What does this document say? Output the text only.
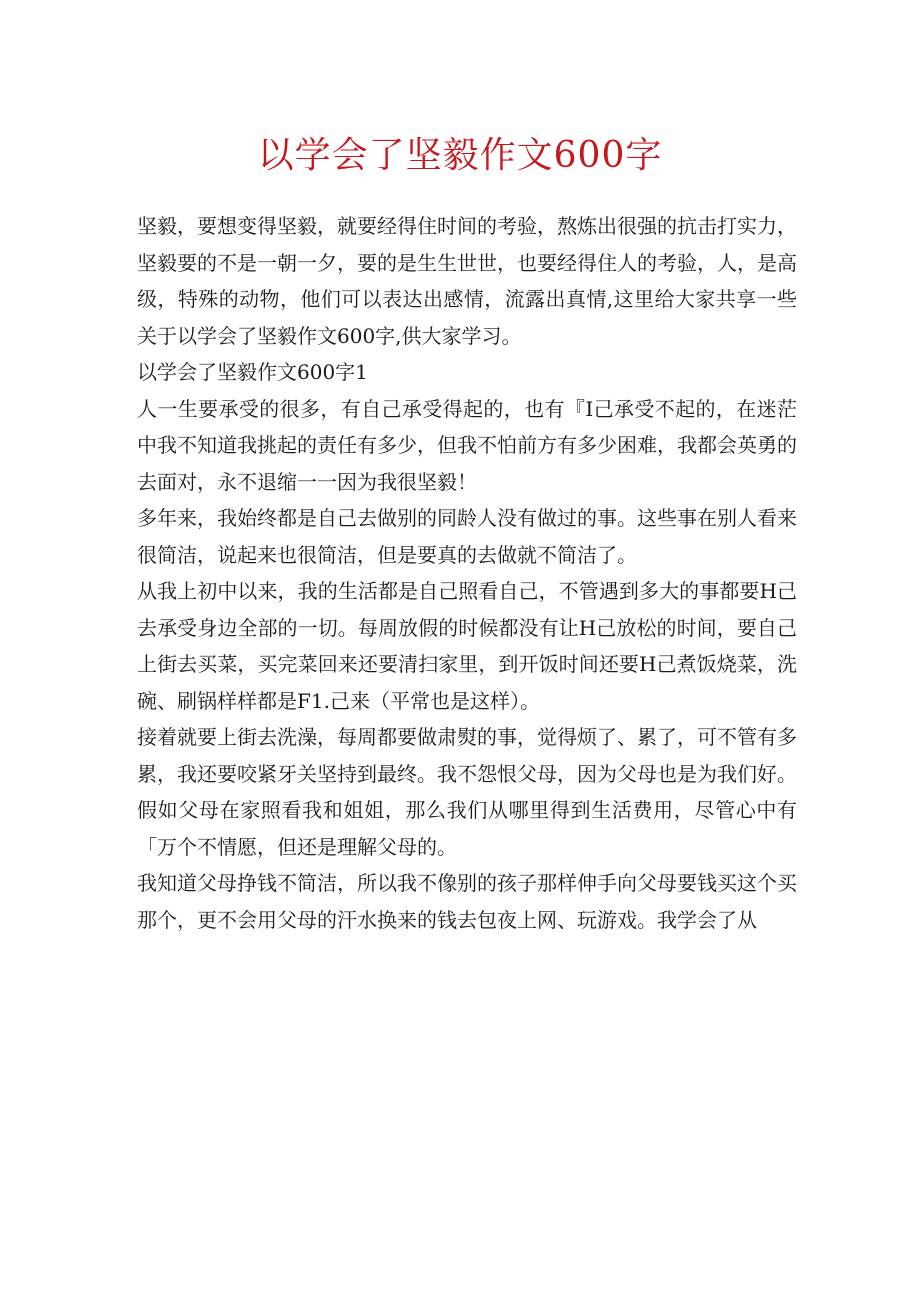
以学会了坚毅作文600字

坚毅，要想变得坚毅，就要经得住时间的考验，熬炼出很强的抗击打实力，坚毅要的不是一朝一夕，要的是生生世世，也要经得住人的考验，人，是高级，特殊的动物，他们可以表达出感情，流露出真情,这里给大家共享一些关于以学会了坚毅作文600字,供大家学习。

以学会了坚毅作文600字1

人一生要承受的很多，有自己承受得起的，也有『I己承受不起的，在迷茫中我不知道我挑起的责任有多少，但我不怕前方有多少困难，我都会英勇的去面对，永不退缩一一因为我很坚毅！

多年来，我始终都是自己去做别的同龄人没有做过的事。这些事在别人看来很简洁，说起来也很简洁，但是要真的去做就不简洁了。

从我上初中以来，我的生活都是自己照看自己，不管遇到多大的事都要H己去承受身边全部的一切。每周放假的时候都没有让H己放松的时间，要自己上街去买菜，买完菜回来还要清扫家里，到开饭时间还要H己煮饭烧菜，洗碗、刷锅样样都是F1.己来（平常也是这样）。

接着就要上街去洗澡，每周都要做肃熨的事，觉得烦了、累了，可不管有多累，我还要咬紧牙关坚持到最终。我不怨恨父母，因为父母也是为我们好。假如父母在家照看我和姐姐，那么我们从哪里得到生活费用，尽管心中有「万个不情愿，但还是理解父母的。

我知道父母挣钱不简洁，所以我不像别的孩子那样伸手向父母要钱买这个买那个，更不会用父母的汗水换来的钱去包夜上网、玩游戏。我学会了从
